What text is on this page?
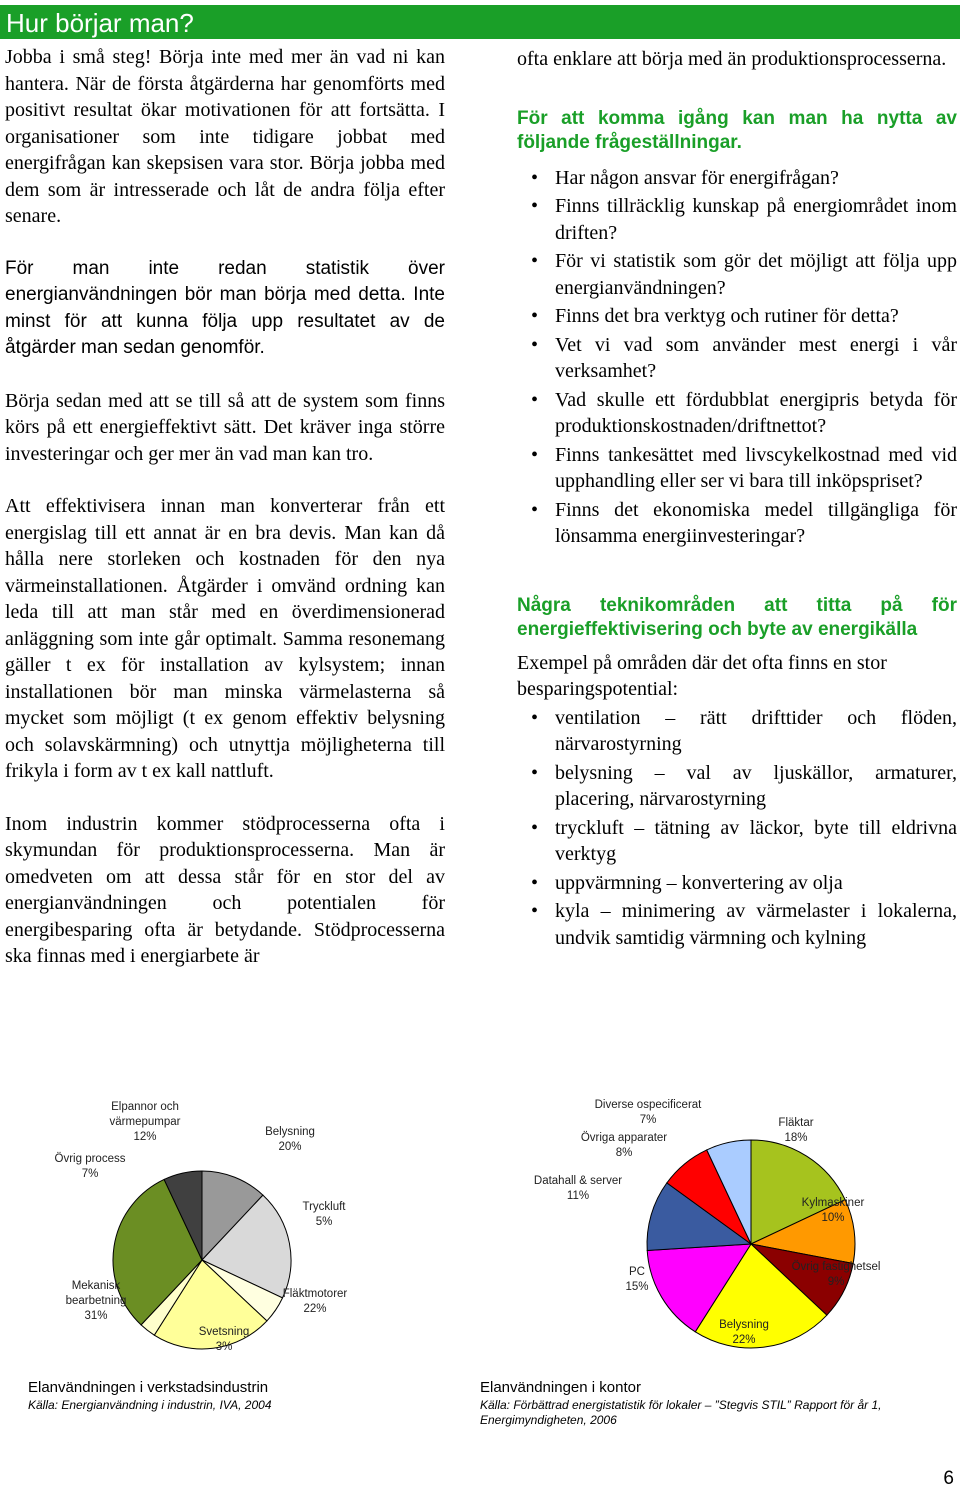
Hur börjar man?

Jobba i små steg! Börja inte med mer än vad ni kan hantera. När de första åtgärderna har genomförts med positivt resultat ökar motivationen för att fortsätta. I organisationer som inte tidigare jobbat med energifrågan kan skepsisen vara stor. Börja jobba med dem som är intresserade och låt de andra följa efter senare.

För man inte redan statistik över energianvändningen bör man börja med detta. Inte minst för att kunna följa upp resultatet av de åtgärder man sedan genomför.

Börja sedan med att se till så att de system som finns körs på ett energieffektivt sätt. Det kräver inga större investeringar och ger mer än vad man kan tro.

Att effektivisera innan man konverterar från ett energislag till ett annat är en bra devis. Man kan då hålla nere storleken och kostnaden för den nya värmeinstallationen. Åtgärder i omvänd ordning kan leda till att man står med en överdimensionerad anläggning som inte går optimalt. Samma resonemang gäller t ex för installation av kylsystem; innan installationen bör man minska värmelasterna så mycket som möjligt (t ex genom effektiv belysning och solavskärmning) och utnyttja möjligheterna till frikyla i form av t ex kall nattluft.

Inom industrin kommer stödprocesserna ofta i skymundan för produktionsprocesserna. Man är omedveten om att dessa står för en stor del av energianvändningen och potentialen för energibesparing ofta är betydande. Stödprocesserna ska finnas med i energiarbete är

ofta enklare att börja med än produktionsprocesserna.

För att komma igång kan man ha nytta av följande frågeställningar.

• Har någon ansvar för energifrågan?
• Finns tillräcklig kunskap på energiområdet inom driften?
• För vi statistik som gör det möjligt att följa upp energianvändningen?
• Finns det bra verktyg och rutiner för detta?
• Vet vi vad som använder mest energi i vår verksamhet?
• Vad skulle ett fördubblat energipris betyda för produktionskostnaden/driftnettot?
• Finns tankesättet med livscykelkostnad med vid upphandling eller ser vi bara till inköpspriset?
• Finns det ekonomiska medel tillgängliga för lönsamma energiinvesteringar?

Några teknikområden att titta på för energieffektivisering och byte av energikälla

Exempel på områden där det ofta finns en stor besparingspotential:

• ventilation – rätt drifttider och flöden, närvarostyrning
• belysning – val av ljuskällor, armaturer, placering, närvarostyrning
• tryckluft – tätning av läckor, byte till eldrivna verktyg
• uppvärmning – konvertering av olja
• kyla – minimering av värmelaster i lokalerna, undvik samtidig värmning och kylning
Elpannor och värmepumpar 12%	Belysning 20%
Tryckluft 5%
Fläktmotorer 22%
Svetsning 3%
Mekanisk bearbetning 31%
Övrig process 7%
Elanvändningen i verkstadsindustrin
Källa: Energianvändning i industrin, IVA, 2004
Fläktar 18%
Kylmaskiner 10%
Övrig fastighetsel 9%
Belysning 22%
PC 15%
Datahall & server 11%
Övriga apparater 8%
Diverse ospecificerat 7%
Elanvändningen i kontor
Källa: Förbättrad energistatistik för lokaler – ”Stegvis STIL” Rapport för år 1, Energimyndigheten, 2006
6
